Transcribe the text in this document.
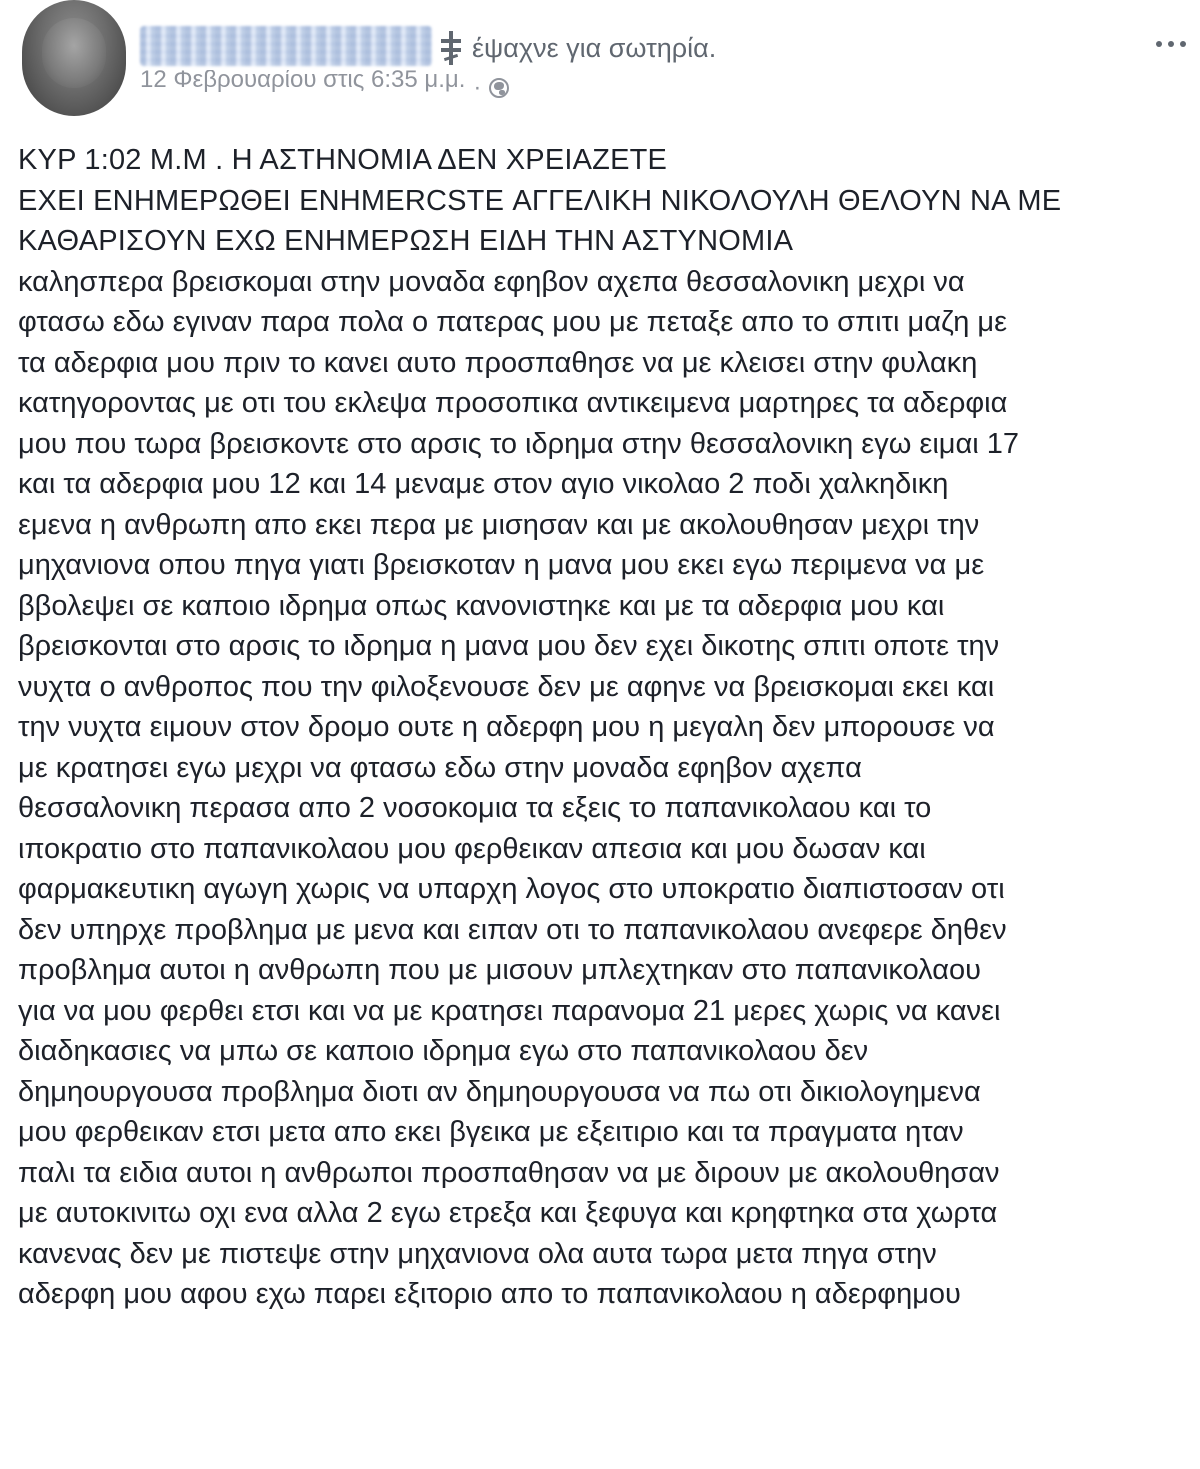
έψαχνε για σωτηρία.
12 Φεβρουαρίου στις 6:35 μ.μ. ·
ΚΥΡ 1:02 Μ.Μ . Η ΑΣΤΗΝΟΜΙΑ ΔΕΝ ΧΡΕΙΑΖΕΤΕ
ΕΧΕΙ ΕΝΗΜΕΡΩΘΕΙ ΕΝΗΜΕRCSTE ΑΓΓΕΛΙΚΗ ΝΙΚΟΛΟΥΛΗ ΘΕΛΟΥΝ ΝΑ ΜΕ
ΚΑΘΑΡΙΣΟΥΝ ΕΧΩ ΕΝΗΜΕΡΩΣΗ ΕΙΔΗ ΤΗΝ ΑΣΤΥΝΟΜΙΑ
καλησπερα βρεισκομαι στην μοναδα εφηβον αχεπα θεσσαλονικη μεχρι να
φτασω εδω εγιναν παρα πολα ο πατερας μου με πεταξε απο το σπιτι μαζη με
τα αδερφια μου πριν το κανει αυτο προσπαθησε να με κλεισει στην φυλακη
κατηγοροντας με οτι του εκλεψα προσοπικα αντικειμενα μαρτηρες τα αδερφια
μου που τωρα βρεισκοντε στο αρσις το ιδρημα στην θεσσαλονικη εγω ειμαι 17
και τα αδερφια μου 12 και 14 μεναμε στον αγιο νικολαο 2 ποδι χαλκηδικη
εμενα η ανθρωπη απο εκει περα με μισησαν και με ακολουθησαν μεχρι την
μηχανιονα οπου πηγα γιατι βρεισκοταν η μανα μου εκει εγω περιμενα να με
ββολεψει σε καποιο ιδρημα οπως κανονιστηκε και με τα αδερφια μου και
βρεισκονται στο αρσις το ιδρημα η μανα μου δεν εχει δικοτης σπιτι οποτε την
νυχτα ο ανθροπος που την φιλοξενουσε δεν με αφηνε να βρεισκομαι εκει και
την νυχτα ειμουν στον δρομο ουτε η αδερφη μου η μεγαλη δεν μπορουσε να
με κρατησει εγω μεχρι να φτασω εδω στην μοναδα εφηβον αχεπα
θεσσαλονικη περασα απο 2 νοσοκομια τα εξεις το παπανικολαου και το
ιποκρατιο στο παπανικολαου μου φερθεικαν απεσια και μου δωσαν και
φαρμακευτικη αγωγη χωρις να υπαρχη λογος στο υποκρατιο διαπιστοσαν οτι
δεν υπηρχε προβλημα με μενα και ειπαν οτι το παπανικολαου ανεφερε δηθεν
προβλημα αυτοι η ανθρωπη που με μισουν μπλεχτηκαν στο παπανικολαου
για να μου φερθει ετσι και να με κρατησει παρανομα 21 μερες χωρις να κανει
διαδηκασιες να μπω σε καποιο ιδρημα εγω στο παπανικολαου δεν
δημηουργουσα προβλημα διοτι αν δημηουργουσα να πω οτι δικιολογημενα
μου φερθεικαν ετσι μετα απο εκει βγεικα με εξειτιριο και τα πραγματα ηταν
παλι τα ειδια αυτοι η ανθρωποι προσπαθησαν να με διρουν με ακολουθησαν
με αυτοκινιτω οχι ενα αλλα 2 εγω ετρεξα και ξεφυγα και κρηφτηκα στα χωρτα
κανενας δεν με πιστεψε στην μηχανιονα ολα αυτα τωρα μετα πηγα στην
αδερφη μου αφου εχω παρει εξιτοριο απο το παπανικολαου η αδερφημου
